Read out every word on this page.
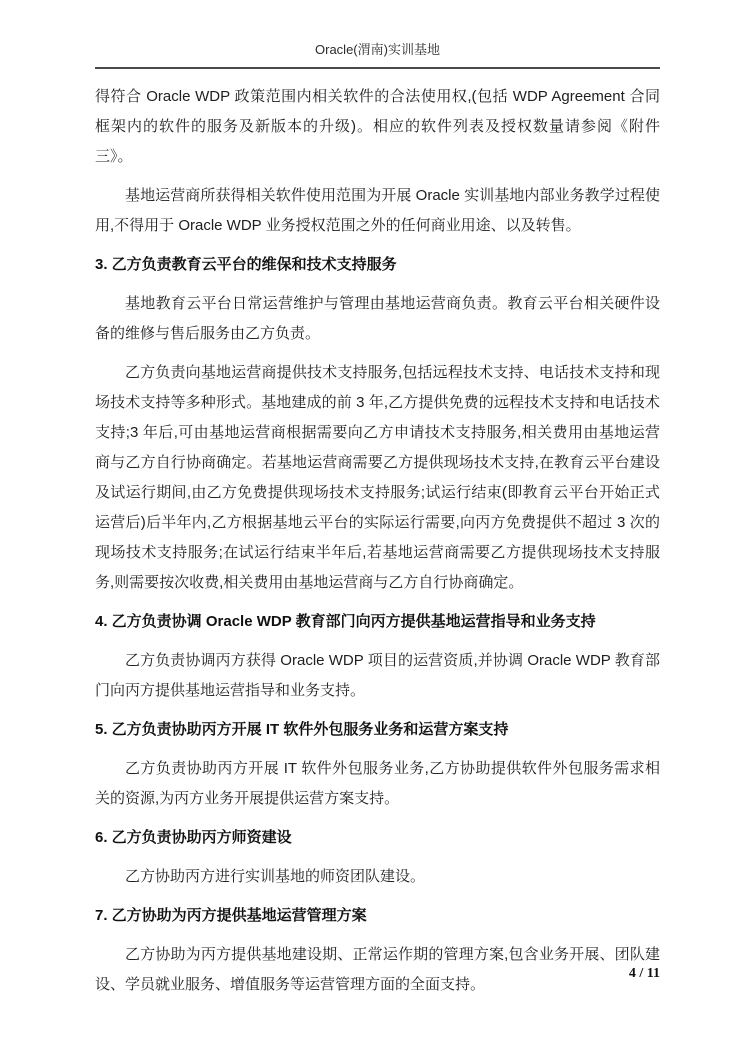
Oracle(渭南)实训基地

得符合 Oracle WDP 政策范围内相关软件的合法使用权,(包括 WDP Agreement 合同框架内的软件的服务及新版本的升级)。相应的软件列表及授权数量请参阅《附件三》。

基地运营商所获得相关软件使用范围为开展 Oracle 实训基地内部业务教学过程使用,不得用于 Oracle WDP 业务授权范围之外的任何商业用途、以及转售。

3. 乙方负责教育云平台的维保和技术支持服务

基地教育云平台日常运营维护与管理由基地运营商负责。教育云平台相关硬件设备的维修与售后服务由乙方负责。

乙方负责向基地运营商提供技术支持服务,包括远程技术支持、电话技术支持和现场技术支持等多种形式。基地建成的前 3 年,乙方提供免费的远程技术支持和电话技术支持;3 年后,可由基地运营商根据需要向乙方申请技术支持服务,相关费用由基地运营商与乙方自行协商确定。若基地运营商需要乙方提供现场技术支持,在教育云平台建设及试运行期间,由乙方免费提供现场技术支持服务;试运行结束(即教育云平台开始正式运营后)后半年内,乙方根据基地云平台的实际运行需要,向丙方免费提供不超过 3 次的现场技术支持服务;在试运行结束半年后,若基地运营商需要乙方提供现场技术支持服务,则需要按次收费,相关费用由基地运营商与乙方自行协商确定。

4. 乙方负责协调 Oracle WDP 教育部门向丙方提供基地运营指导和业务支持

乙方负责协调丙方获得 Oracle WDP 项目的运营资质,并协调 Oracle WDP 教育部门向丙方提供基地运营指导和业务支持。

5. 乙方负责协助丙方开展 IT 软件外包服务业务和运营方案支持

乙方负责协助丙方开展 IT 软件外包服务业务,乙方协助提供软件外包服务需求相关的资源,为丙方业务开展提供运营方案支持。

6. 乙方负责协助丙方师资建设

乙方协助丙方进行实训基地的师资团队建设。

7. 乙方协助为丙方提供基地运营管理方案

乙方协助为丙方提供基地建设期、正常运作期的管理方案,包含业务开展、团队建设、学员就业服务、增值服务等运营管理方面的全面支持。

4 / 11
